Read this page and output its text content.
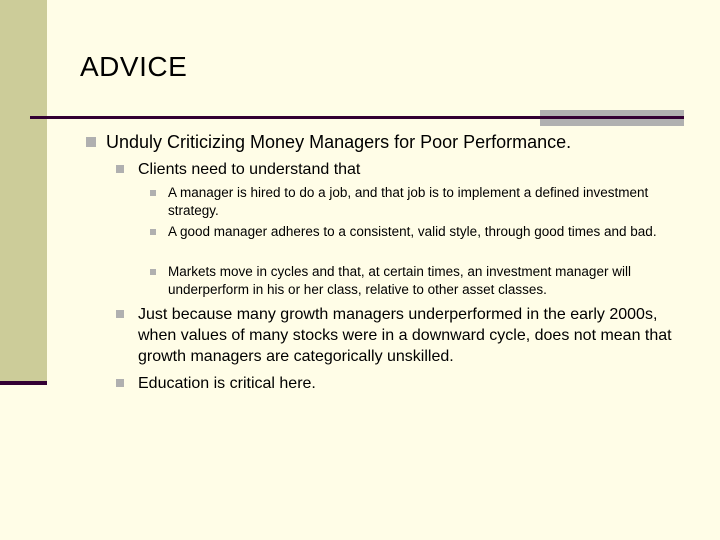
ADVICE
Unduly Criticizing Money Managers for Poor Performance.
Clients need to understand that
A manager is hired to do a job, and that job is to implement a defined investment strategy.
A good manager adheres to a consistent, valid style, through good times and bad.
Markets move in cycles and that, at certain times, an investment manager will underperform in his or her class, relative to other asset classes.
Just because many growth managers underperformed in the early 2000s, when values of many stocks were in a downward cycle, does not mean that growth managers are categorically unskilled.
Education is critical here.
